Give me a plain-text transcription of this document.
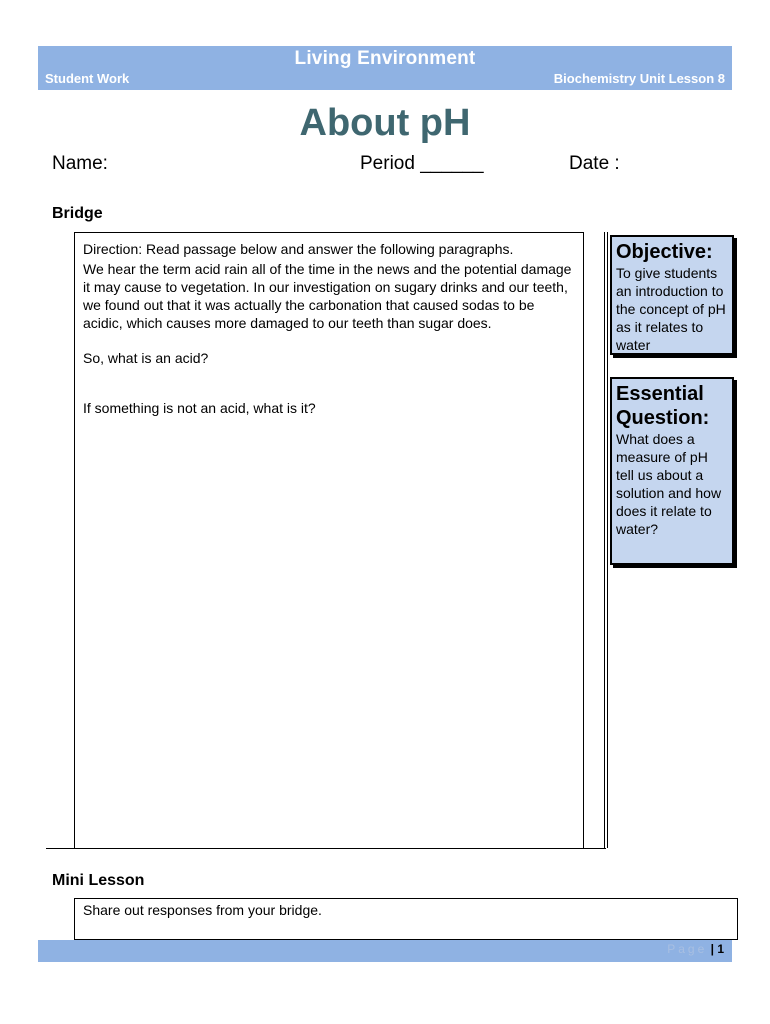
Living Environment
Student Work	Biochemistry Unit Lesson 8
About pH
Name:	Period ______	Date :
Bridge

Direction: Read passage below and answer the following paragraphs.

We hear the term acid rain all of the time in the news and the potential damage it may cause to vegetation. In our investigation on sugary drinks and our teeth, we found out that it was actually the carbonation that caused sodas to be acidic, which causes more damaged to our teeth than sugar does.

So, what is an acid?

If something is not an acid, what is it?

Objective:
To give students an introduction to the concept of pH as it relates to water
Essential Question:
What does a measure of pH tell us about a solution and how does it relate to water?
Mini Lesson
Share out responses from your bridge.
Page | 1
